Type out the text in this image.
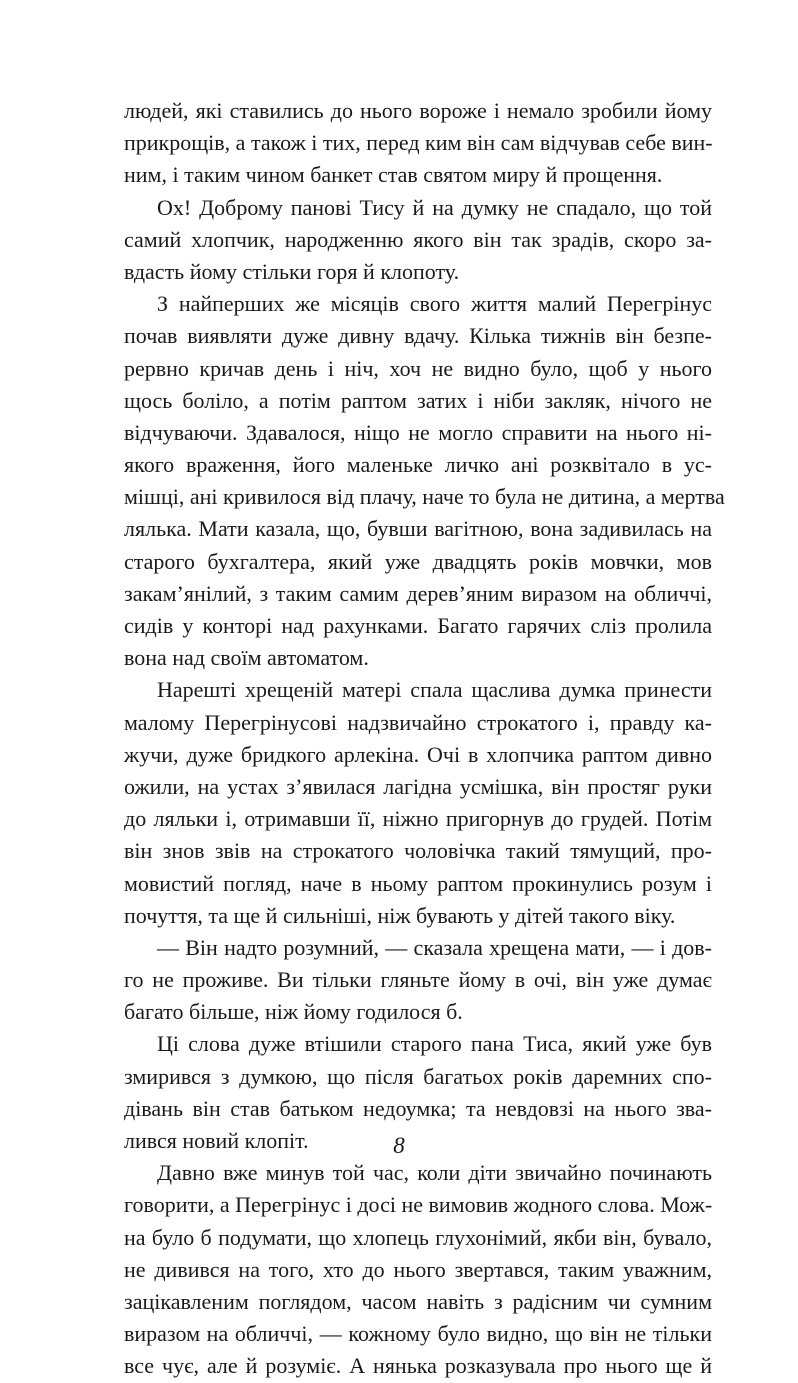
людей, які ставились до нього вороже і немало зробили йому
прикрощів, а також і тих, перед ким він сам відчував себе вин-
ним, і таким чином банкет став святом миру й прощення.
Ох! Доброму панові Тису й на думку не спадало, що той
самий хлопчик, народженню якого він так зрадів, скоро за-
вдасть йому стільки горя й клопоту.
З найперших же місяців свого життя малий Перегрінус
почав виявляти дуже дивну вдачу. Кілька тижнів він безпе-
рервно кричав день і ніч, хоч не видно було, щоб у нього
щось боліло, а потім раптом затих і ніби закляк, нічого не
відчуваючи. Здавалося, ніщо не могло справити на нього ні-
якого враження, його маленьке личко ані розквітало в ус-
мішці, ані кривилося від плачу, наче то була не дитина, а мертва
лялька. Мати казала, що, бувши вагітною, вона задивилась на
старого бухгалтера, який уже двадцять років мовчки, мов
закам’янілий, з таким самим дерев’яним виразом на обличчі,
сидів у конторі над рахунками. Багато гарячих сліз пролила
вона над своїм автоматом.
Нарешті хрещеній матері спала щаслива думка принести
малому Перегрінусові надзвичайно строкатого і, правду ка-
жучи, дуже бридкого арлекіна. Очі в хлопчика раптом дивно
ожили, на устах з’явилася лагідна усмішка, він простяг руки
до ляльки і, отримавши її, ніжно пригорнув до грудей. Потім
він знов звів на строкатого чоловічка такий тямущий, про-
мовистий погляд, наче в ньому раптом прокинулись розум і
почуття, та ще й сильніші, ніж бувають у дітей такого віку.
— Він надто розумний, — сказала хрещена мати, — і дов-
го не проживе. Ви тільки гляньте йому в очі, він уже думає
багато більше, ніж йому годилося б.
Ці слова дуже втішили старого пана Тиса, який уже був
змирився з думкою, що після багатьох років даремних спо-
дівань він став батьком недоумка; та невдовзі на нього зва-
лився новий клопіт.
Давно вже минув той час, коли діти звичайно починають
говорити, а Перегрінус і досі не вимовив жодного слова. Мож-
на було б подумати, що хлопець глухонімий, якби він, бувало,
не дивився на того, хто до нього звертався, таким уважним,
зацікавленим поглядом, часом навіть з радісним чи сумним
виразом на обличчі, — кожному було видно, що він не тільки
все чує, але й розуміє. А нянька розказувала про нього ще й
8
